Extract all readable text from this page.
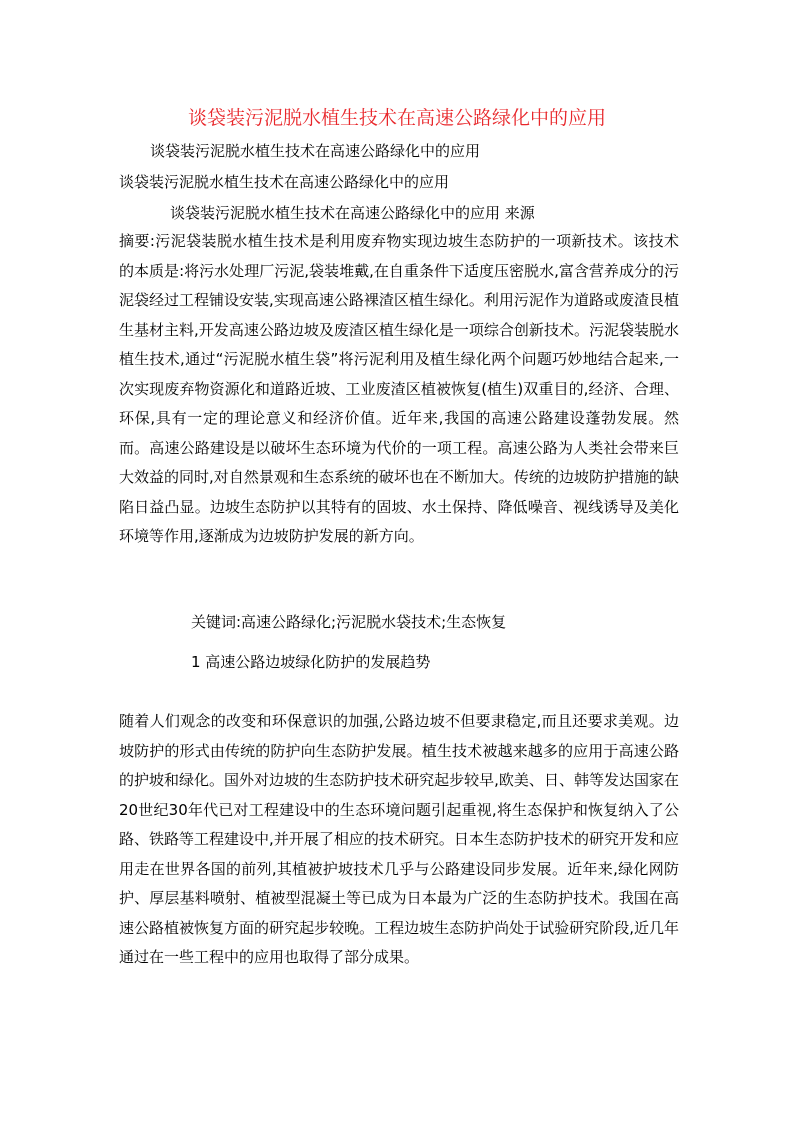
谈袋装污泥脱水植生技术在高速公路绿化中的应用
谈袋装污泥脱水植生技术在高速公路绿化中的应用
谈袋装污泥脱水植生技术在高速公路绿化中的应用
谈袋装污泥脱水植生技术在高速公路绿化中的应用 来源
摘要:污泥袋装脱水植生技术是利用废弃物实现边坡生态防护的一项新技术。该技术的本质是:将污水处理厂污泥,袋装堆戴,在自重条件下适度压密脱水,富含营养成分的污泥袋经过工程铺设安装,实现高速公路裸渣区植生绿化。利用污泥作为道路或废渣艮植生基材主料,开发高速公路边坡及废渣区植生绿化是一项综合创新技术。污泥袋装脱水植生技术,通过“污泥脱水植生袋”将污泥利用及植生绿化两个问题巧妙地结合起来,一次实现废弃物资源化和道路近坡、工业废渣区植被恢复(植生)双重目的,经济、合理、环保,具有一定的理论意义和经济价值。近年来,我国的高速公路建设蓬勃发展。然而。高速公路建设是以破坏生态环境为代价的一项工程。高速公路为人类社会带来巨大效益的同时,对自然景观和生态系统的破坏也在不断加大。传统的边坡防护措施的缺陷日益凸显。边坡生态防护以其特有的固坡、水土保持、降低噪音、视线诱导及美化环境等作用,逐渐成为边坡防护发展的新方向。
关键词:高速公路绿化;污泥脱水袋技术;生态恢复
1 高速公路边坡绿化防护的发展趋势
随着人们观念的改变和环保意识的加强,公路边坡不但要隶稳定,而且还要求美观。边坡防护的形式由传统的防护向生态防护发展。植生技术被越来越多的应用于高速公路的护坡和绿化。国外对边坡的生态防护技术研究起步较早,欧美、日、韩等发达国家在20世纪30年代已对工程建设中的生态环境问题引起重视,将生态保护和恢复纳入了公路、铁路等工程建设中,并开展了相应的技术研究。日本生态防护技术的研究开发和应用走在世界各国的前列,其植被护坡技术几乎与公路建设同步发展。近年来,绿化网防护、厚层基料喷射、植被型混凝土等已成为日本最为广泛的生态防护技术。我国在高速公路植被恢复方面的研究起步较晚。工程边坡生态防护尚处于试验研究阶段,近几年通过在一些工程中的应用也取得了部分成果。
